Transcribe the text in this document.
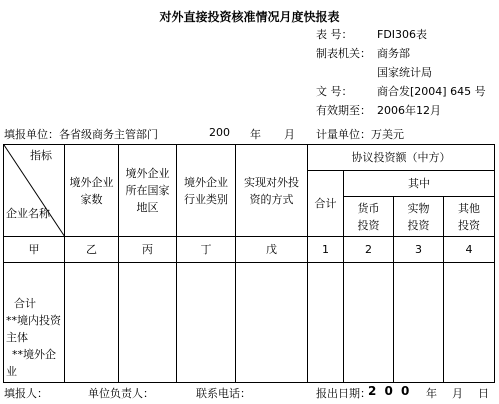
对外直接投资核准情况月度快报表
表 号： FDI306表
制表机关： 商务部
国家统计局
文 号： 商合发[2004] 645 号
有效期至： 2006年12月
填报单位：各省级商务主管部门	200 年 月 计量单位：万美元
指标
企业名称	境外企业家数	境外企业所在国家地区	境外企业行业类别	实现对外投资的方式	协议投资额（中方）			
					合计	其中		
						货币投资	实物投资	其他投资
甲	乙	丙	丁	戊	1	2	3	4

合计
**境内投资
主体
**境外企
业								

填报人：	单位负责人：	联系电话：	报出日期：
2 0 0 年 月 日
